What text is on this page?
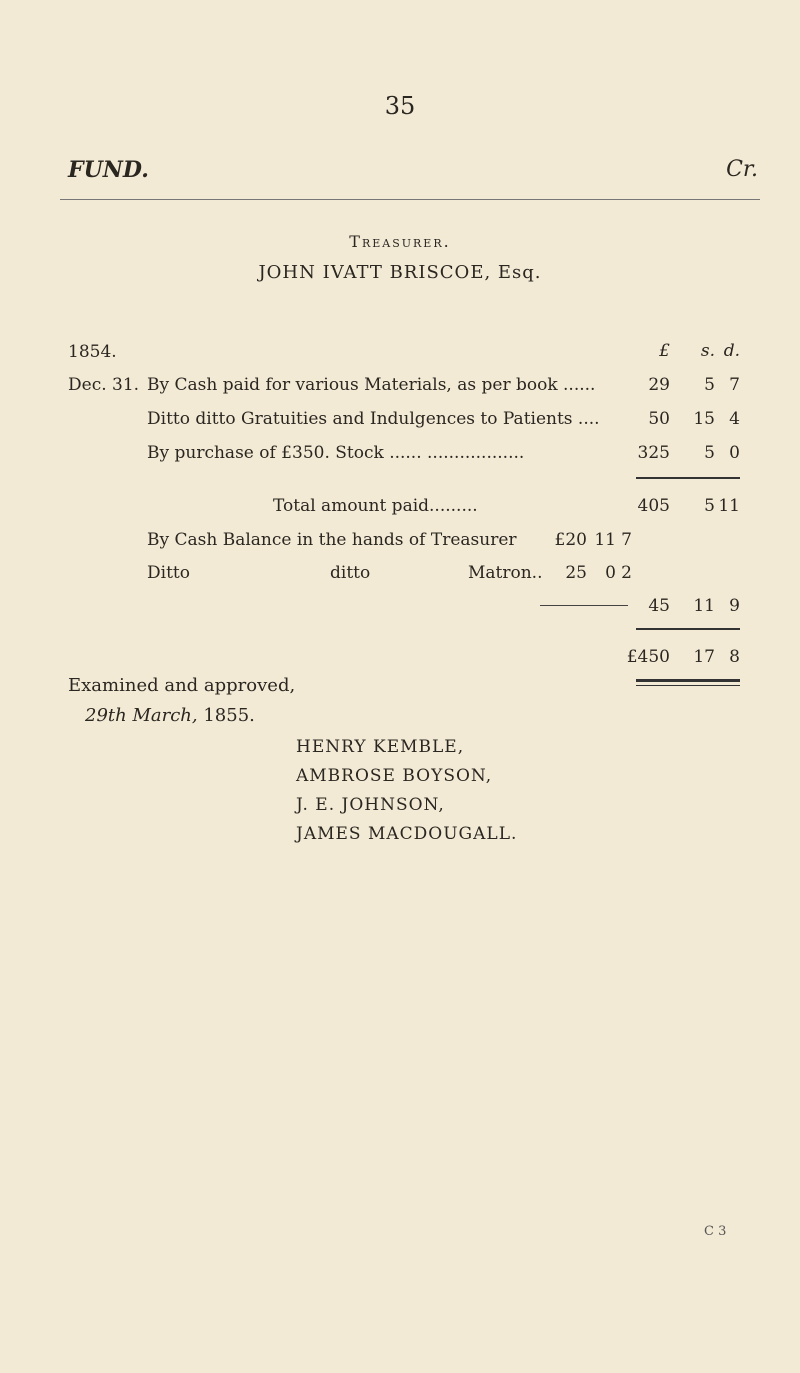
35
FUND.	Cr.
Treasurer.
JOHN IVATT BRISCOE, Esq.
1854.	£	s. d.
Dec. 31. By Cash paid for various Materials, as per book ......	29	5 7
Ditto ditto Gratuities and Indulgences to Patients ....	50 15 4
By purchase of £350. Stock ...... ..................	325	5 0
Total amount paid.........	405	5 11
By Cash Balance in the hands of Treasurer	£20 11 7
Ditto	ditto	Matron..	25	0 2
45 11 9
£450 17 8
Examined and approved,
29th March, 1855.
HENRY KEMBLE,
AMBROSE BOYSON,
J. E. JOHNSON,
JAMES MACDOUGALL.
C 3
